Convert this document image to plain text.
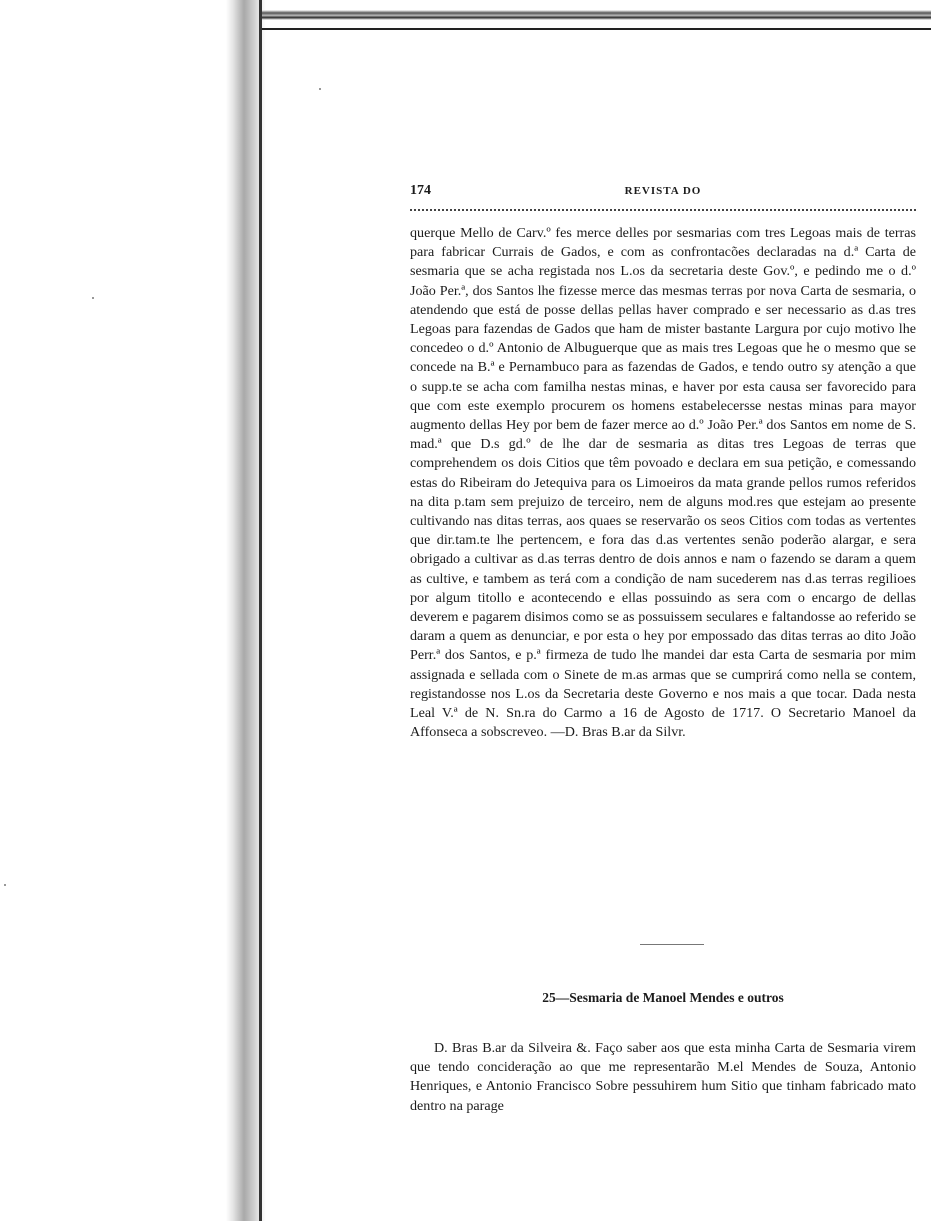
174	REVISTA DO

querque Mello de Carv.º fes merce delles por sesmarias com tres Legoas mais de terras para fabricar Currais de Gados, e com as confrontacões declaradas na d.ª Carta de sesmaria que se acha registada nos L.os da secretaria deste Gov.º, e pedindo me o d.º João Per.ª, dos Santos lhe fizesse merce das mesmas terras por nova Carta de sesmaria, o atendendo que está de posse dellas pellas haver comprado e ser necessario as d.as tres Legoas para fazendas de Gados que ham de mister bastante Largura por cujo motivo lhe concedeo o d.º Antonio de Albuguerque que as mais tres Legoas que he o mesmo que se concede na B.ª e Pernambuco para as fazendas de Gados, e tendo outro sy atenção a que o supp.te se acha com familha nestas minas, e haver por esta causa ser favorecido para que com este exemplo procurem os homens estabelecersse nestas minas para mayor augmento dellas Hey por bem de fazer merce ao d.º João Per.ª dos Santos em nome de S. mad.ª que D.s gd.º de lhe dar de sesmaria as ditas tres Legoas de terras que comprehendem os dois Citios que têm povoado e declara em sua petição, e comessando estas do Ribeiram do Jetequiva para os Limoeiros da mata grande pellos rumos referidos na dita p.tam sem prejuizo de terceiro, nem de alguns mod.res que estejam ao presente cultivando nas ditas terras, aos quaes se reservarão os seos Citios com todas as vertentes que dir.tam.te lhe pertencem, e fora das d.as vertentes senão poderão alargar, e sera obrigado a cultivar as d.as terras dentro de dois annos e nam o fazendo se daram a quem as cultive, e tambem as terá com a condição de nam sucederem nas d.as terras regilioes por algum titollo e acontecendo e ellas possuindo as sera com o encargo de dellas deverem e pagarem disimos como se as possuissem seculares e faltandosse ao referido se daram a quem as denunciar, e por esta o hey por empossado das ditas terras ao dito João Perr.ª dos Santos, e p.ª firmeza de tudo lhe mandei dar esta Carta de sesmaria por mim assignada e sellada com o Sinete de m.as armas que se cumprirá como nella se contem, registandosse nos L.os da Secretaria deste Governo e nos mais a que tocar. Dada nesta Leal V.ª de N. Sn.ra do Carmo a 16 de Agosto de 1717. O Secretario Manoel da Affonseca a sobscreveo. —D. Bras B.ar da Silvr.

25—Sesmaria de Manoel Mendes e outros

D. Bras B.ar da Silveira &. Faço saber aos que esta minha Carta de Sesmaria virem que tendo concideração ao que me representarão M.el Mendes de Souza, Antonio Henriques, e Antonio Francisco Sobre pessuhirem hum Sitio que tinham fabricado mato dentro na parage
